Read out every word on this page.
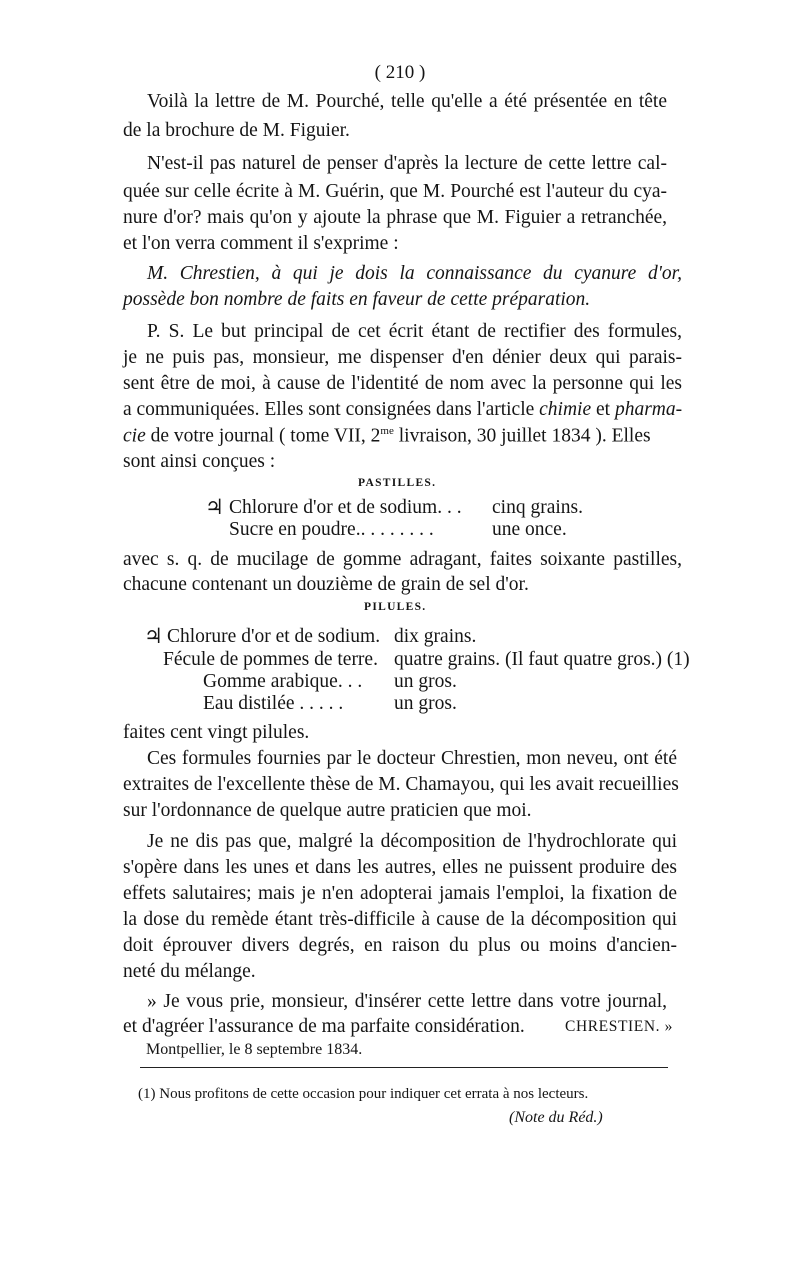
( 210 )
Voilà la lettre de M. Pourché, telle qu'elle a été présentée en tête
de la brochure de M. Figuier.
N'est-il pas naturel de penser d'après la lecture de cette lettre cal-
quée sur celle écrite à M. Guérin, que M. Pourché est l'auteur du cya-
nure d'or? mais qu'on y ajoute la phrase que M. Figuier a retranchée,
et l'on verra comment il s'exprime :
M. Chrestien, à qui je dois la connaissance du cyanure d'or,
possède bon nombre de faits en faveur de cette préparation.
P. S. Le but principal de cet écrit étant de rectifier des formules,
je ne puis pas, monsieur, me dispenser d'en dénier deux qui parais-
sent être de moi, à cause de l'identité de nom avec la personne qui les
a communiquées. Elles sont consignées dans l'article chimie et pharma-
cie de votre journal ( tome VII, $2^{me}$ livraison, 30 juillet 1834 ). Elles
sont ainsi conçues :
PASTILLES.
♃ Chlorure d'or et de sodium. . . cinq grains.
Sucre en poudre.. . . . . . . .	une once.
avec s. q. de mucilage de gomme adragant, faites soixante pastilles,
chacune contenant un douzième de grain de sel d'or.
PILULES.
♃ Chlorure d'or et de sodium. dix grains.
Fécule de pommes de terre. quatre grains. (Il faut quatre gros.) (1)
Gomme arabique. . . un gros.
Eau distilée . . . . .	un gros.
faites cent vingt pilules.
Ces formules fournies par le docteur Chrestien, mon neveu, ont été
extraites de l'excellente thèse de M. Chamayou, qui les avait recueillies
sur l'ordonnance de quelque autre praticien que moi.
Je ne dis pas que, malgré la décomposition de l'hydrochlorate qui
s'opère dans les unes et dans les autres, elles ne puissent produire des
effets salutaires; mais je n'en adopterai jamais l'emploi, la fixation de
la dose du remède étant très-difficile à cause de la décomposition qui
doit éprouver divers degrés, en raison du plus ou moins d'ancien-
neté du mélange.
» Je vous prie, monsieur, d'insérer cette lettre dans votre journal,
et d'agréer l'assurance de ma parfaite considération.	CHRESTIEN. »
Montpellier, le 8 septembre 1834.
(1) Nous profitons de cette occasion pour indiquer cet errata à nos lecteurs.
(Note du Réd.)
